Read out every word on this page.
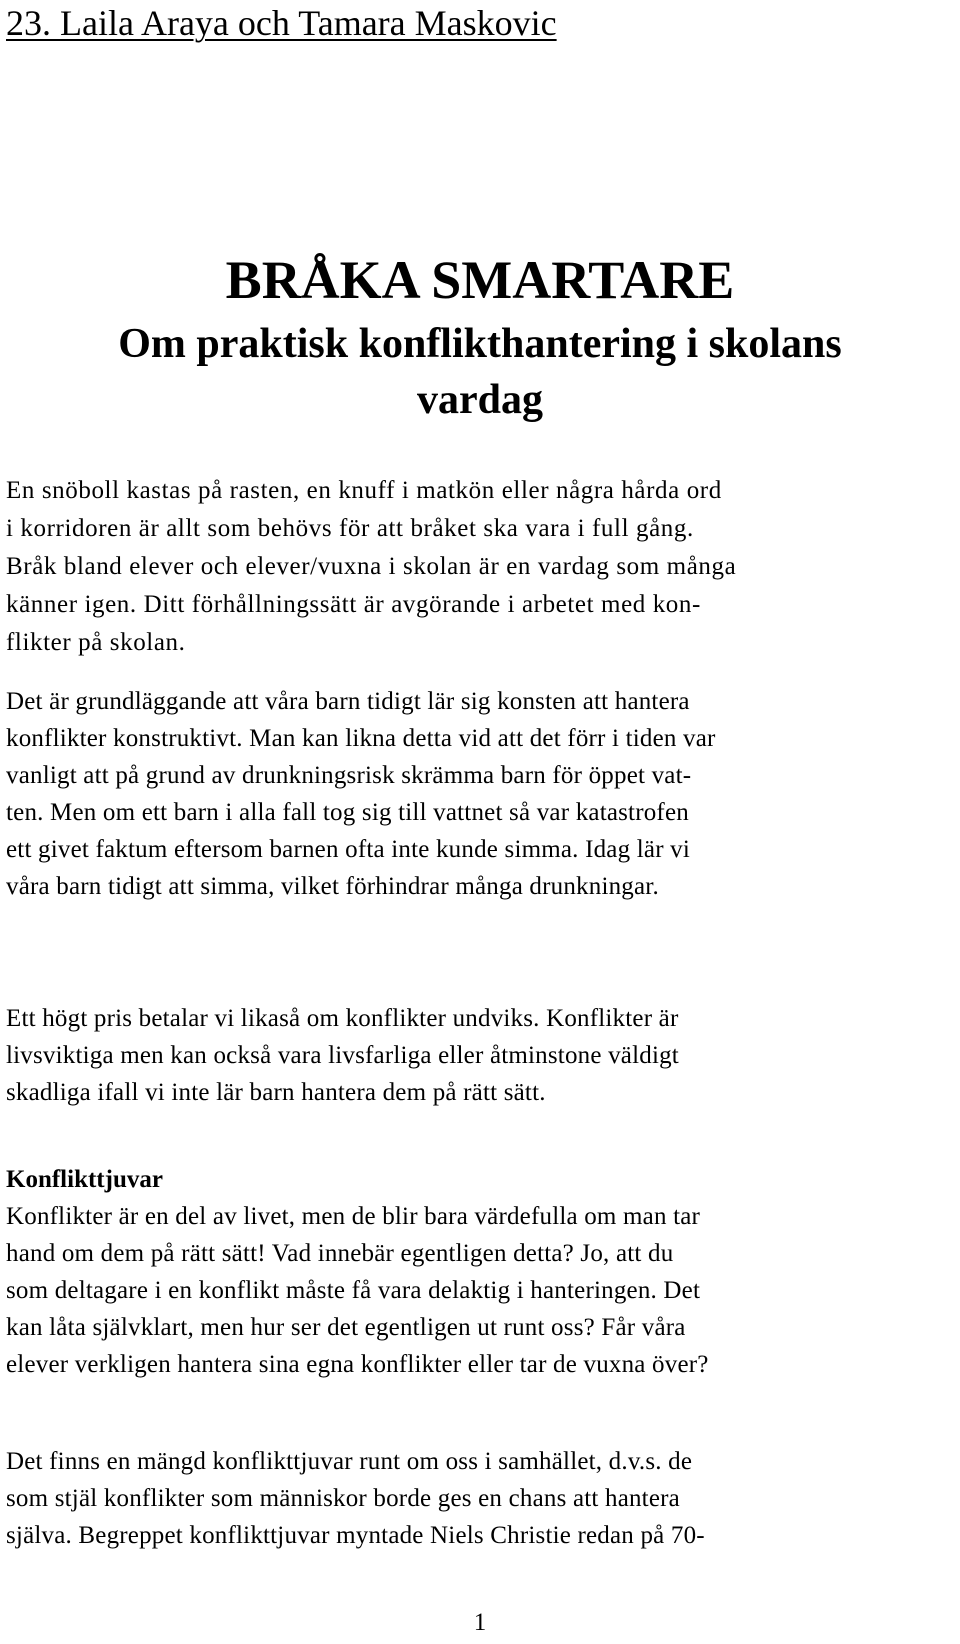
23. Laila Araya och Tamara Maskovic
BRÅKA SMARTARE
Om praktisk konflikthantering i skolans
vardag

En snöboll kastas på rasten, en knuff i matkön eller några hårda ord
i korridoren är allt som behövs för att bråket ska vara i full gång.
Bråk bland elever och elever/vuxna i skolan är en vardag som många
känner igen. Ditt förhållningssätt är avgörande i arbetet med kon-
flikter på skolan.

Det är grundläggande att våra barn tidigt lär sig konsten att hantera
konflikter konstruktivt. Man kan likna detta vid att det förr i tiden var
vanligt att på grund av drunkningsrisk skrämma barn för öppet vat-
ten. Men om ett barn i alla fall tog sig till vattnet så var katastrofen
ett givet faktum eftersom barnen ofta inte kunde simma. Idag lär vi
våra barn tidigt att simma, vilket förhindrar många drunkningar.

Ett högt pris betalar vi likaså om konflikter undviks. Konflikter är
livsviktiga men kan också vara livsfarliga eller åtminstone väldigt
skadliga ifall vi inte lär barn hantera dem på rätt sätt.

Konflikttjuvar

Konflikter är en del av livet, men de blir bara värdefulla om man tar
hand om dem på rätt sätt! Vad innebär egentligen detta? Jo, att du
som deltagare i en konflikt måste få vara delaktig i hanteringen. Det
kan låta självklart, men hur ser det egentligen ut runt oss? Får våra
elever verkligen hantera sina egna konflikter eller tar de vuxna över?

Det finns en mängd konflikttjuvar runt om oss i samhället, d.v.s. de
som stjäl konflikter som människor borde ges en chans att hantera
själva. Begreppet konflikttjuvar myntade Niels Christie redan på 70-

1
